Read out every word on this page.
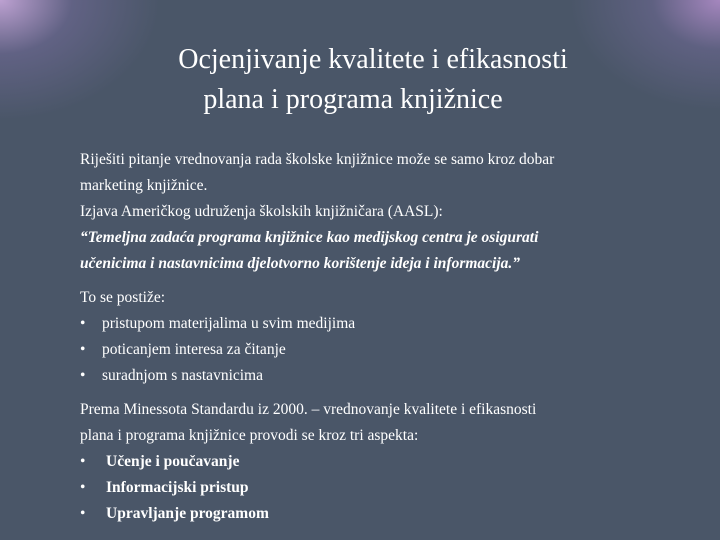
Ocjenjivanje kvalitete i efikasnosti
plana i programa knjižnice

Riješiti pitanje vrednovanja rada školske knjižnice može se samo kroz dobar

marketing knjižnice.

Izjava Američkog udruženja školskih knjižničara (AASL):

“Temeljna zadaća programa knjižnice kao medijskog centra je osigurati

učenicima i nastavnicima djelotvorno korištenje ideja i informacija.”

To se postiže:

•	pristupom materijalima u svim medijima
•	poticanjem interesa za čitanje
•	suradnjom s nastavnicima

Prema Minessota Standardu iz 2000. – vrednovanje kvalitete i efikasnosti

plana i programa knjižnice provodi se kroz tri aspekta:

•	Učenje i poučavanje
•	Informacijski pristup
•	Upravljanje programom
